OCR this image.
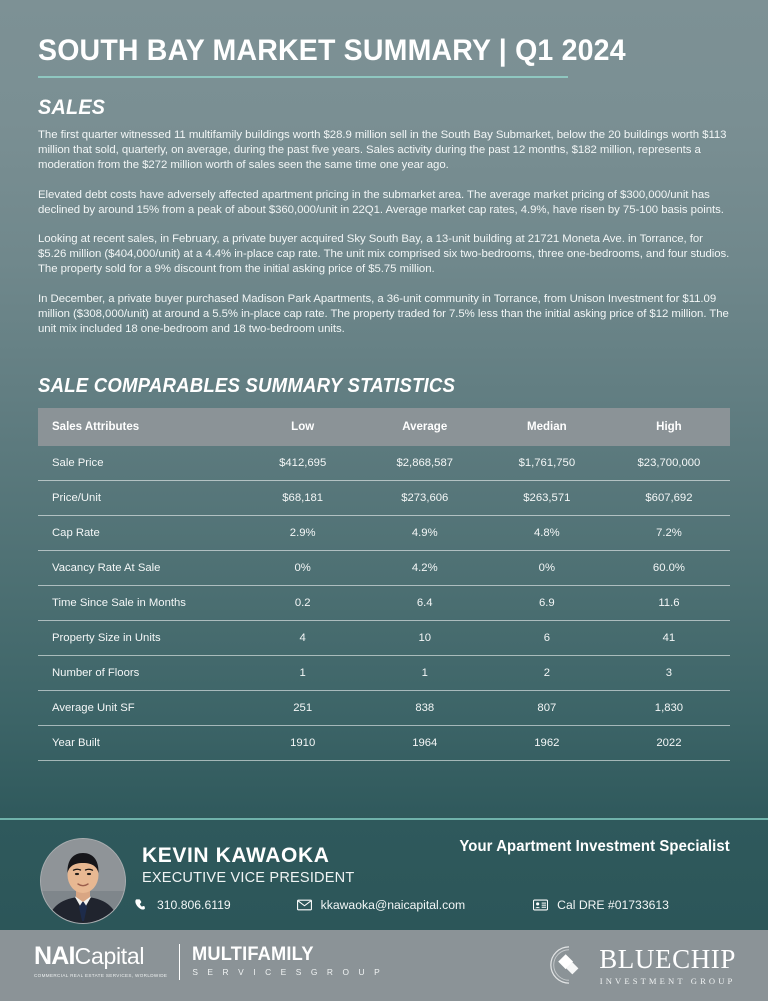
SOUTH BAY MARKET SUMMARY | Q1 2024
SALES

The first quarter witnessed 11 multifamily buildings worth $28.9 million sell in the South Bay Submarket, below the 20 buildings worth $113 million that sold, quarterly, on average, during the past five years. Sales activity during the past 12 months, $182 million, represents a moderation from the $272 million worth of sales seen the same time one year ago.

Elevated debt costs have adversely affected apartment pricing in the submarket area. The average market pricing of $300,000/unit has declined by around 15% from a peak of about $360,000/unit in 22Q1. Average market cap rates, 4.9%, have risen by 75-100 basis points.

Looking at recent sales, in February, a private buyer acquired Sky South Bay, a 13-unit building at 21721 Moneta Ave. in Torrance, for $5.26 million ($404,000/unit) at a 4.4% in-place cap rate. The unit mix comprised six two-bedrooms, three one-bedrooms, and four studios. The property sold for a 9% discount from the initial asking price of $5.75 million.

In December, a private buyer purchased Madison Park Apartments, a 36-unit community in Torrance, from Unison Investment for $11.09 million ($308,000/unit) at around a 5.5% in-place cap rate. The property traded for 7.5% less than the initial asking price of $12 million. The unit mix included 18 one-bedroom and 18 two-bedroom units.

SALE COMPARABLES SUMMARY STATISTICS
Sales Attributes	Low	Average	Median	High
Sale Price	$412,695	$2,868,587	$1,761,750	$23,700,000
Price/Unit	$68,181	$273,606	$263,571	$607,692
Cap Rate	2.9%	4.9%	4.8%	7.2%
Vacancy Rate At Sale	0%	4.2%	0%	60.0%
Time Since Sale in Months	0.2	6.4	6.9	11.6
Property Size in Units	4	10	6	41
Number of Floors	1	1	2	3
Average Unit SF	251	838	807	1,830
Year Built	1910	1964	1962	2022
KEVIN KAWAOKA
EXECUTIVE VICE PRESIDENT
Your Apartment Investment Specialist
310.806.6119	kkawaoka@naicapital.com	Cal DRE #01733613
NAI Capital
COMMERCIAL REAL ESTATE SERVICES, WORLDWIDE
MULTIFAMILY
S E R V I C E S G R O U P	BLUECHIP
INVESTMENT GROUP
